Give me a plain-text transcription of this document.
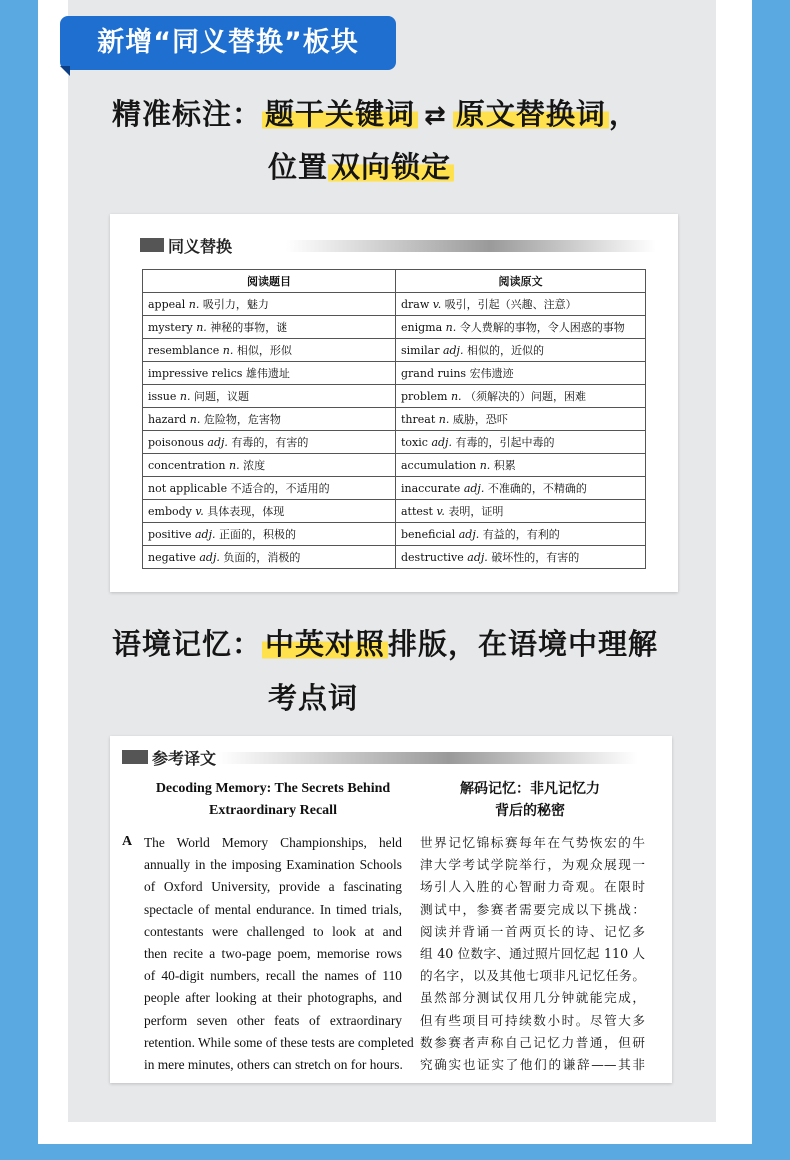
新增“同义替换”板块
精准标注： 题干关键词 ⇄ 原文替换词 ，
位置 双向锁定
同义替换
阅读题目	阅读原文
appeal n. 吸引力，魅力	draw v. 吸引，引起（兴趣、注意）
mystery n. 神秘的事物，谜	enigma n. 令人费解的事物，令人困惑的事物
resemblance n. 相似，形似	similar adj. 相似的，近似的
impressive relics 雄伟遗址	grand ruins 宏伟遗迹
issue n. 问题，议题	problem n. （须解决的）问题，困难
hazard n. 危险物，危害物	threat n. 威胁，恐吓
poisonous adj. 有毒的，有害的	toxic adj. 有毒的，引起中毒的
concentration n. 浓度	accumulation n. 积累
not applicable 不适合的，不适用的	inaccurate adj. 不准确的，不精确的
embody v. 具体表现，体现	attest v. 表明，证明
positive adj. 正面的，积极的	beneficial adj. 有益的，有利的
negative adj. 负面的，消极的	destructive adj. 破坏性的，有害的
语境记忆： 中英对照 排版，在语境中理解
考点词
参考译文
Decoding Memory: The Secrets Behind
Extraordinary Recall
解码记忆：非凡记忆力
背后的秘密
A The World Memory Championships, held
annually in the imposing Examination Schools
of Oxford University, provide a fascinating
spectacle of mental endurance. In timed trials,
contestants were challenged to look at and
then recite a two-page poem, memorise rows
of 40-digit numbers, recall the names of 110
people after looking at their photographs, and
perform seven other feats of extraordinary
retention. While some of these tests are completed
in mere minutes, others can stretch on for hours.
世界记忆锦标赛每年在气势恢宏的牛
津大学考试学院举行，为观众展现一
场引人入胜的心智耐力奇观。在限时
测试中，参赛者需要完成以下挑战：
阅读并背诵一首两页长的诗、记忆多
组 40 位数字、通过照片回忆起 110 人
的名字，以及其他七项非凡记忆任务。
虽然部分测试仅用几分钟就能完成，
但有些项目可持续数小时。尽管大多
数参赛者声称自己记忆力普通，但研
究确实也证实了他们的谦辞——其非
